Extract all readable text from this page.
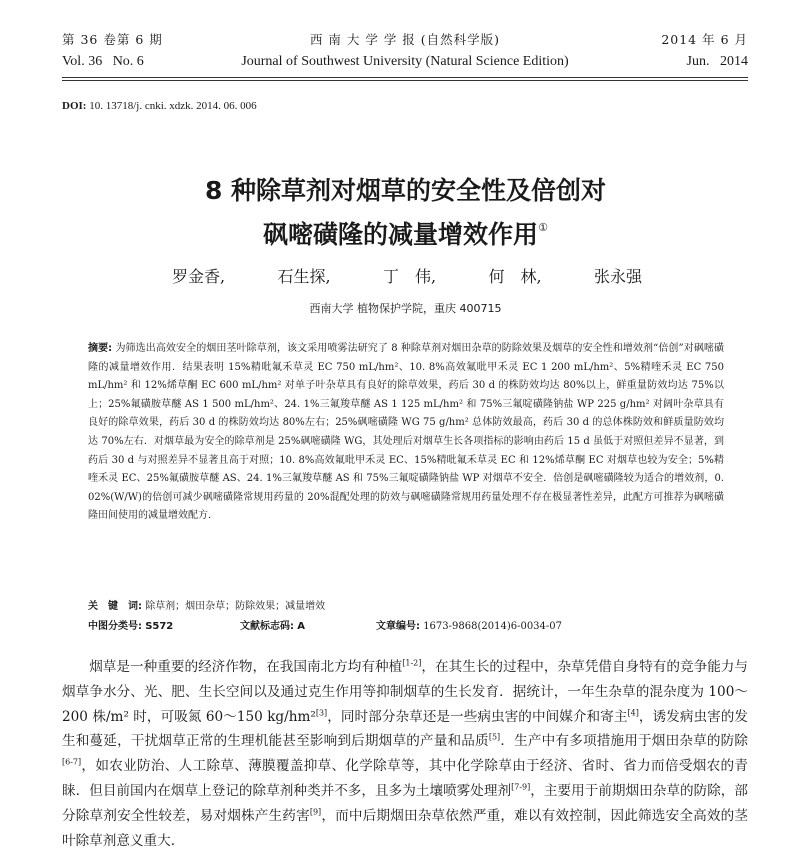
第 36 卷第 6 期	西 南 大 学 学 报 (自然科学版)	2014 年 6 月
Vol. 36   No. 6	Journal of Southwest University (Natural Science Edition)	Jun.   2014
DOI: 10. 13718/j. cnki. xdzk. 2014. 06. 006
8 种除草剂对烟草的安全性及倍创对
砜嘧磺隆的减量增效作用①
罗金香,	石生探,	丁　伟,	何　林,	张永强
西南大学 植物保护学院，重庆 400715
摘要: 为筛选出高效安全的烟田茎叶除草剂，该文采用喷雾法研究了 8 种除草剂对烟田杂草的防除效果及烟草的安全性和增效剂“倍创”对砜嘧磺隆的减量增效作用．结果表明 15%精吡氟禾草灵 EC 750 mL/hm²、10. 8%高效氟吡甲禾灵 EC 1 200 mL/hm²、5%精喹禾灵 EC 750 mL/hm² 和 12%烯草酮 EC 600 mL/hm² 对单子叶杂草具有良好的除草效果，药后 30 d 的株防效均达 80%以上，鲜重量防效均达 75%以上；25%氟磺胺草醚 AS 1 500 mL/hm²、24. 1%三氟羧草醚 AS 1 125 mL/hm² 和 75%三氟啶磺隆钠盐 WP 225 g/hm² 对阔叶杂草具有良好的除草效果，药后 30 d 的株防效均达 80%左右；25%砜嘧磺隆 WG 75 g/hm² 总体防效最高，药后 30 d 的总体株防效和鲜质量防效均达 70%左右．对烟草最为安全的除草剂是 25%砜嘧磺隆 WG，其处理后对烟草生长各项指标的影响由药后 15 d 虽低于对照但差异不显著，到药后 30 d 与对照差异不显著且高于对照；10. 8%高效氟吡甲禾灵 EC、15%精吡氟禾草灵 EC 和 12%烯草酮 EC 对烟草也较为安全；5%精喹禾灵 EC、25%氟磺胺草醚 AS、24. 1%三氟羧草醚 AS 和 75%三氟啶磺隆钠盐 WP 对烟草不安全．倍创是砜嘧磺隆较为适合的增效剂，0. 02%(W/W)的倍创可减少砜嘧磺隆常规用药量的 20%混配处理的防效与砜嘧磺隆常规用药量处理不存在极显著性差异，此配方可推荐为砜嘧磺隆田间使用的减量增效配方．
关　键　词: 除草剂；烟田杂草；防除效果；减量增效
中图分类号: S572	文献标志码: A	文章编号: 1673-9868(2014)6-0034-07
烟草是一种重要的经济作物，在我国南北方均有种植[1-2]，在其生长的过程中，杂草凭借自身特有的竞争能力与烟草争水分、光、肥、生长空间以及通过克生作用等抑制烟草的生长发育．据统计，一年生杂草的混杂度为 100～200 株/m² 时，可吸氮 60～150 kg/hm²[3]，同时部分杂草还是一些病虫害的中间媒介和寄主[4]，诱发病虫害的发生和蔓延，干扰烟草正常的生理机能甚至影响到后期烟草的产量和品质[5]．生产中有多项措施用于烟田杂草的防除[6-7]，如农业防治、人工除草、薄膜覆盖抑草、化学除草等，其中化学除草由于经济、省时、省力而倍受烟农的青睐．但目前国内在烟草上登记的除草剂种类并不多，且多为土壤喷雾处理剂[7-9]，主要用于前期烟田杂草的防除，部分除草剂安全性较差，易对烟株产生药害[9]，而中后期烟田杂草依然严重，难以有效控制，因此筛选安全高效的茎叶除草剂意义重大．
